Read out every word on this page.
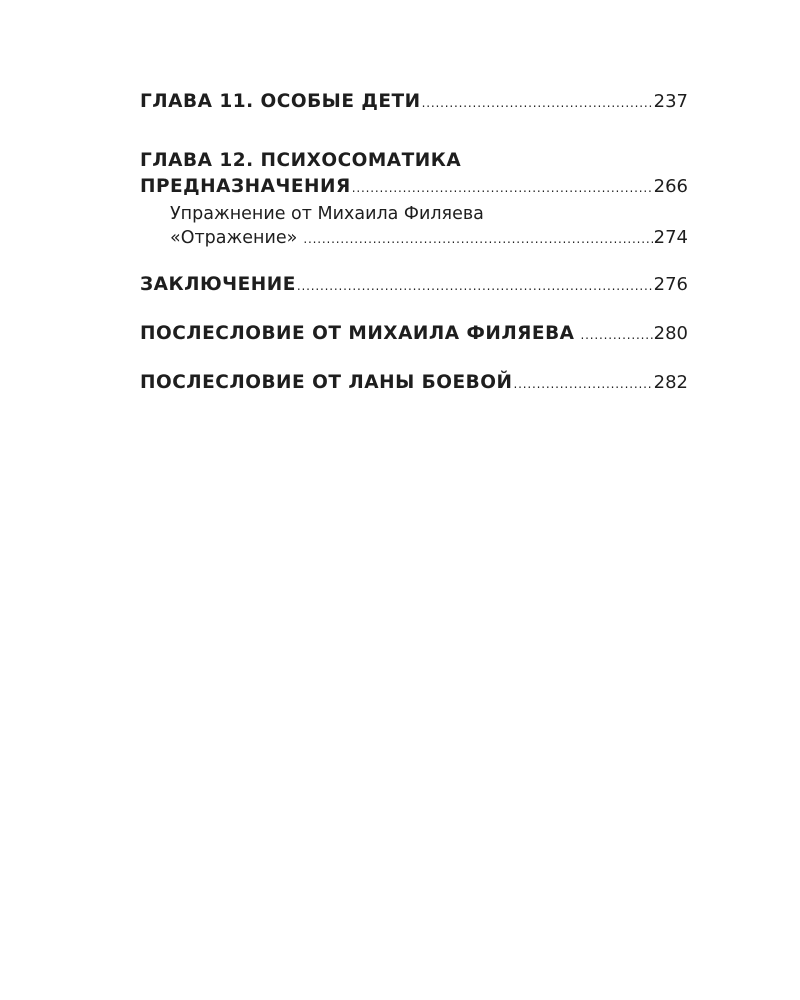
ГЛАВА 11. ОСОБЫЕ ДЕТИ . . .	237
ГЛАВА 12. ПСИХОСОМАТИКА
ПРЕДНАЗНАЧЕНИЯ . . .	266
Упражнение от Михаила Филяева
«Отражение» . . .	274
ЗАКЛЮЧЕНИЕ . . .	276
ПОСЛЕСЛОВИЕ ОТ МИХАИЛА ФИЛЯЕВА . . .	280
ПОСЛЕСЛОВИЕ ОТ ЛАНЫ БОЕВОЙ . . .	282
